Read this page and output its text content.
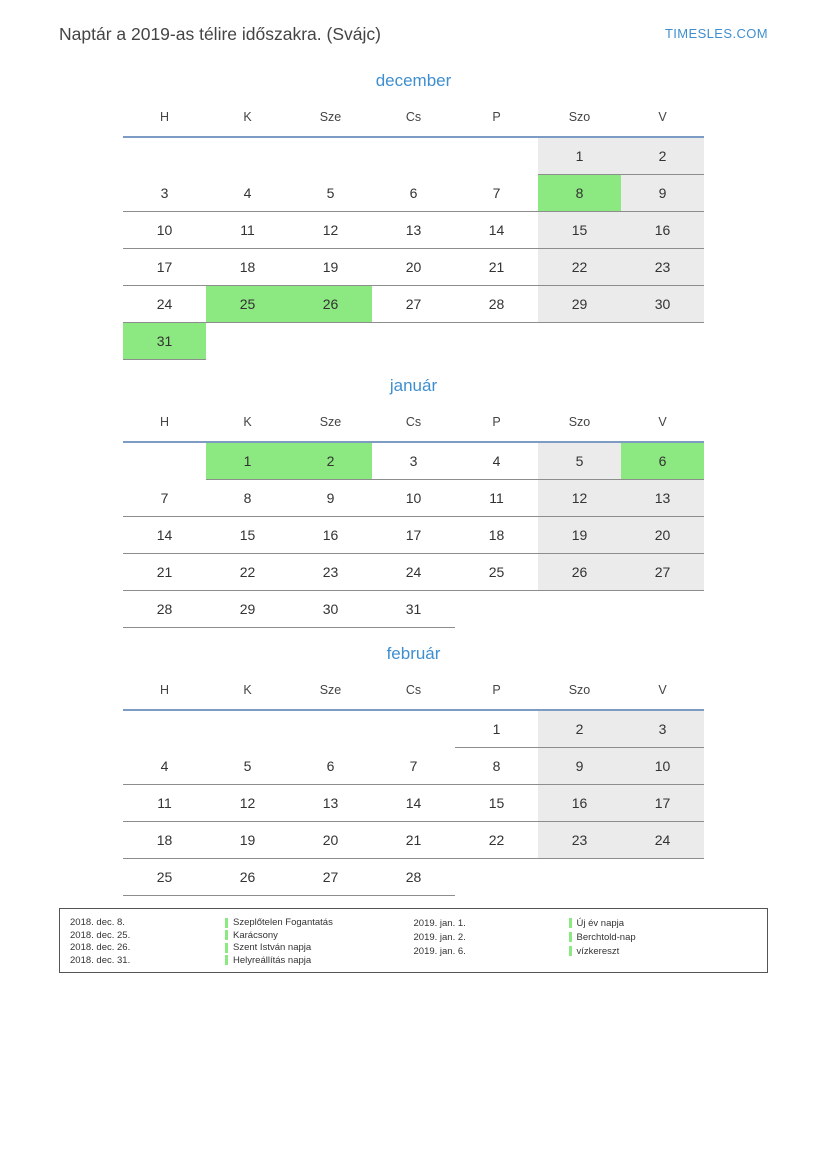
Naptár a 2019-as télire időszakra. (Svájc)	TIMESLES.COM
december
H	K	Sze	Cs	P	Szo	V
					1	2
3	4	5	6	7	8	9
10	11	12	13	14	15	16
17	18	19	20	21	22	23
24	25	26	27	28	29	30
31						
január
H	K	Sze	Cs	P	Szo	V
	1	2	3	4	5	6
7	8	9	10	11	12	13
14	15	16	17	18	19	20
21	22	23	24	25	26	27
28	29	30	31			
február
H	K	Sze	Cs	P	Szo	V
				1	2	3
4	5	6	7	8	9	10
11	12	13	14	15	16	17
18	19	20	21	22	23	24
25	26	27	28			
2018. dec. 8.	Szeplőtelen Fogantatás
2018. dec. 25.	Karácsony
2018. dec. 26.	Szent István napja
2018. dec. 31.	Helyreállítás napja
2019. jan. 1.	Új év napja
2019. jan. 2.	Berchtold-nap
2019. jan. 6.	vízkereszt
